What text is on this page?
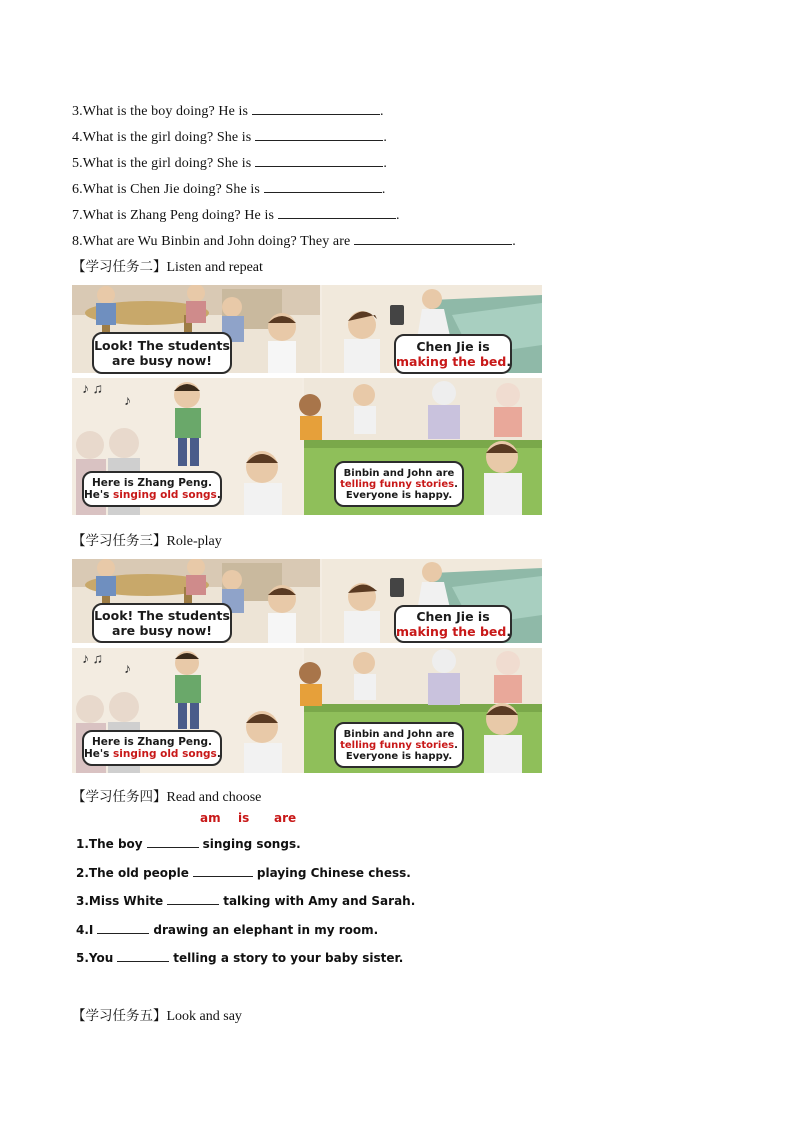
3.What is the boy doing? He is	.
4.What is the girl doing? She is	.
5.What is the girl doing? She is	.
6.What is Chen Jie doing? She is	.
7.What is Zhang Peng doing? He is	.
8.What are Wu Binbin and John doing? They are	.
【学习任务二】Listen and repeat
♪ ♫
♪
Look! The students
are busy now!
Chen Jie is
making the bed.
Here is Zhang Peng.
He's singing old songs.
Binbin and John are
telling funny stories.
Everyone is happy.
【学习任务三】Role-play
♪ ♫
♪
Look! The students
are busy now!
Chen Jie is
making the bed.
Here is Zhang Peng.
He's singing old songs.
Binbin and John are
telling funny stories.
Everyone is happy.
【学习任务四】Read and choose
am is are
1.The boy	singing songs.
2.The old people	playing Chinese chess.
3.Miss White	talking with Amy and Sarah.
4.I	drawing an elephant in my room.
5.You	telling a story to your baby sister.
【学习任务五】Look and say
